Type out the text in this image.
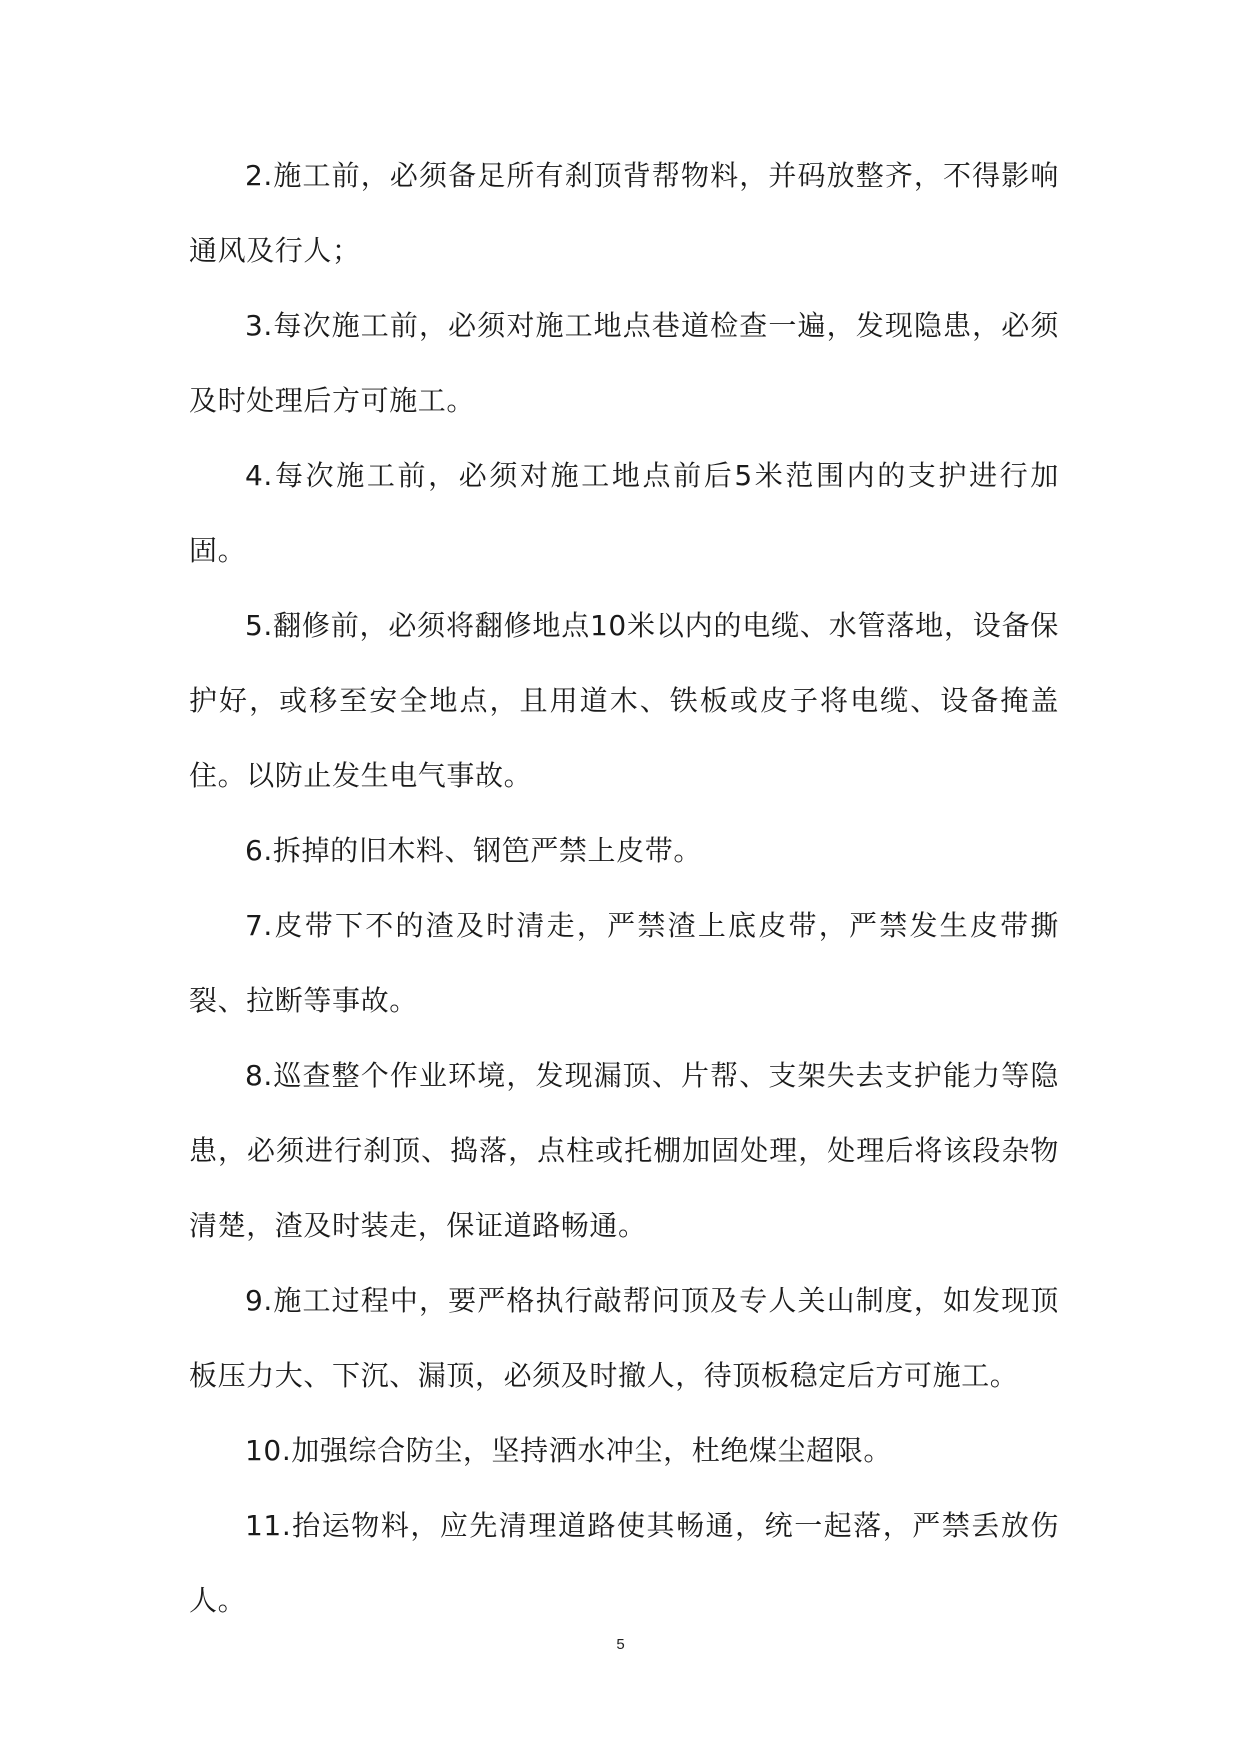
2.施工前，必须备足所有刹顶背帮物料，并码放整齐，不得影响通风及行人；

3.每次施工前，必须对施工地点巷道检查一遍，发现隐患，必须及时处理后方可施工。

4.每次施工前，必须对施工地点前后5米范围内的支护进行加固。

5.翻修前，必须将翻修地点10米以内的电缆、水管落地，设备保护好，或移至安全地点，且用道木、铁板或皮子将电缆、设备掩盖住。以防止发生电气事故。

6.拆掉的旧木料、钢笆严禁上皮带。

7.皮带下不的渣及时清走，严禁渣上底皮带，严禁发生皮带撕裂、拉断等事故。

8.巡查整个作业环境，发现漏顶、片帮、支架失去支护能力等隐患，必须进行刹顶、捣落，点柱或托棚加固处理，处理后将该段杂物清楚，渣及时装走，保证道路畅通。

9.施工过程中，要严格执行敲帮问顶及专人关山制度，如发现顶板压力大、下沉、漏顶，必须及时撤人，待顶板稳定后方可施工。

10.加强综合防尘，坚持洒水冲尘，杜绝煤尘超限。

11.抬运物料，应先清理道路使其畅通，统一起落，严禁丢放伤人。

5
